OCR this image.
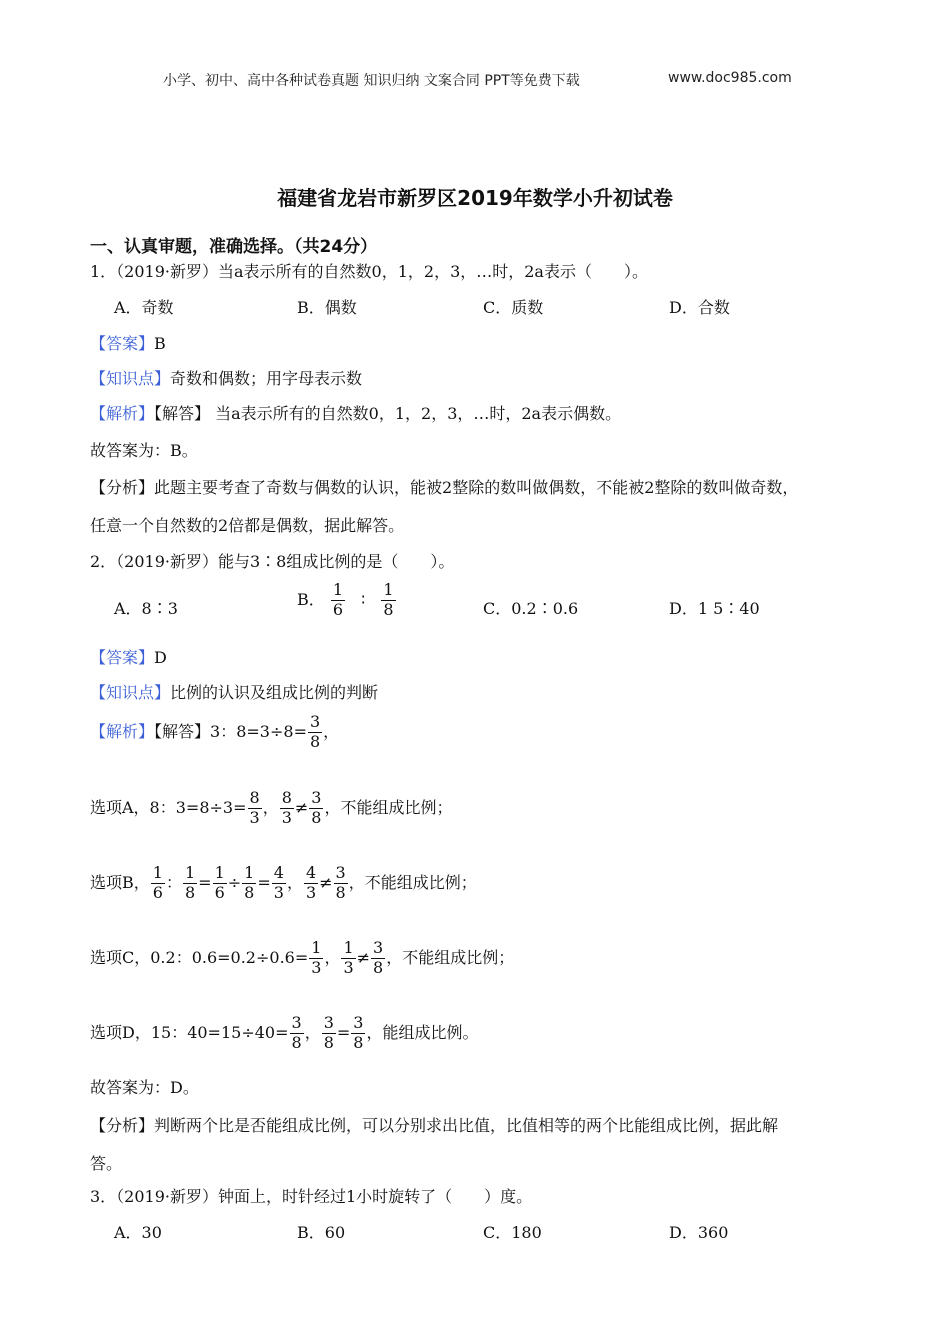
小学、初中、高中各种试卷真题 知识归纳 文案合同 PPT等免费下载	www.doc985.com
福建省龙岩市新罗区2019年数学小升初试卷
一、认真审题，准确选择。（共24分）
1．（2019·新罗）当a表示所有的自然数0，1，2，3，…时，2a表示（　　）。
A．奇数	B．偶数	C．质数	D．合数
【答案】B
【知识点】奇数和偶数；用字母表示数
【解析】【解答】 当a表示所有的自然数0，1，2，3，…时，2a表示偶数。
故答案为：B。
【分析】此题主要考查了奇数与偶数的认识，能被2整除的数叫做偶数，不能被2整除的数叫做奇数，
任意一个自然数的2倍都是偶数，据此解答。
2．（2019·新罗）能与3∶8组成比例的是（　　）。
A．8∶3	B． $\frac{1}{6}$ ∶ $\frac{1}{8}$	C．0.2∶0.6	D．1 5∶40
【答案】D
【知识点】比例的认识及组成比例的判断
【解析】【解答】3：$8=3\div 8= \frac{3}{8}$ ，
选项A，8：$3=8\div 3= \frac{8}{3}$ ， $\frac{8}{3} \ne \frac{3}{8}$ ，不能组成比例；
选项B， $\frac{1}{6}$ ： $\frac{1}{8} = \frac{1}{6} \div \frac{1}{8} = \frac{4}{3}$ ， $\frac{4}{3} \ne \frac{3}{8}$ ，不能组成比例；
选项C，0.2：$0.6=0.2\div 0.6= \frac{1}{3}$ ， $\frac{1}{3} \ne \frac{3}{8}$ ，不能组成比例；
选项D，15：$40=15\div 40= \frac{3}{8}$ ， $\frac{3}{8} = \frac{3}{8}$ ，能组成比例。
故答案为：D。
【分析】判断两个比是否能组成比例，可以分别求出比值，比值相等的两个比能组成比例，据此解
答。
3．（2019·新罗）钟面上，时针经过1小时旋转了（　　）度。
A．30	B．60	C．180	D．360
